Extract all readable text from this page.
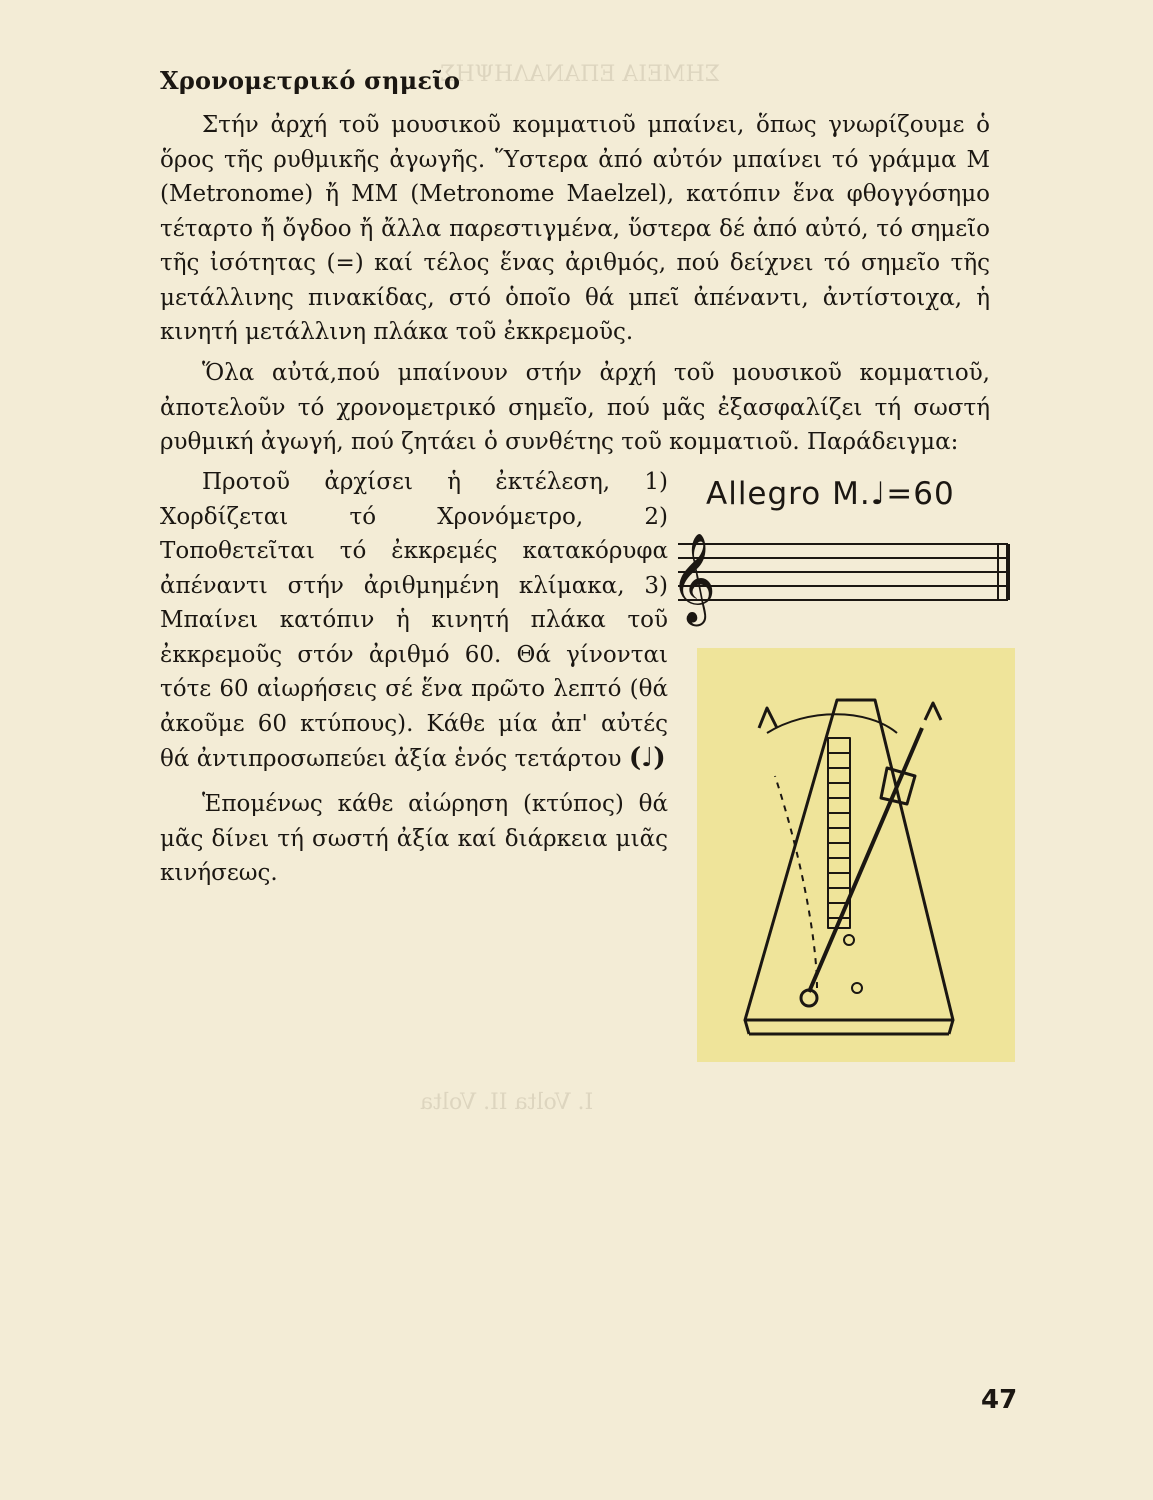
ΣΗΜΕΙΑ ΕΠΑΝΑΛΗΨΗΣ
Ι. Volta ΙΙ. Volta
Χρονομετρικό σημεῖο

Στήν ἀρχή τοῦ μουσικοῦ κομματιοῦ μπαίνει, ὅπως γνωρίζουμε ὁ ὅρος τῆς ρυθμικῆς ἀγωγῆς. Ὕστερα ἀπό αὐτόν μπαίνει τό γράμμα Μ (Metronome) ἤ ΜΜ (Metronome Maelzel), κατόπιν ἕνα φθογγόσημο τέταρτο ἤ ὄγδοο ἤ ἄλλα παρεστιγμένα, ὕστερα δέ ἀπό αὐτό, τό σημεῖο τῆς ἰσότητας (=) καί τέλος ἕνας ἀριθμός, πού δείχνει τό σημεῖο τῆς μετάλλινης πινακίδας, στό ὁποῖο θά μπεῖ ἀπέναντι, ἀντίστοιχα, ἡ κινητή μετάλλινη πλάκα τοῦ ἐκκρεμοῦς.

Ὅλα αὐτά,πού μπαίνουν στήν ἀρχή τοῦ μουσικοῦ κομματιοῦ, ἀποτελοῦν τό χρονομετρικό σημεῖο, πού μᾶς ἐξασφαλίζει τή σωστή ρυθμική ἀγωγή, πού ζητάει ὁ συνθέτης τοῦ κομματιοῦ. Παράδειγμα:

Προτοῦ ἀρχίσει ἡ ἐκτέλεση, 1) Χορδίζεται τό Χρονόμετρο, 2) Τοποθετεῖται τό ἐκκρεμές κατακόρυφα ἀπέναντι στήν ἀριθμημένη κλίμακα, 3) Μπαίνει κατόπιν ἡ κινητή πλάκα τοῦ ἐκκρεμοῦς στόν ἀριθμό 60. Θά γίνονται τότε 60 αἰωρήσεις σέ ἕνα πρῶτο λεπτό (θά ἀκοῦμε 60 κτύπους). Κάθε μία ἀπ' αὐτές θά ἀντιπροσωπεύει ἀξία ἑνός τετάρτου (♩)

Ἑπομένως κάθε αἰώρηση (κτύπος) θά μᾶς δίνει τή σωστή ἀξία καί διάρκεια μιᾶς κινήσεως.

Allegro M.♩=60
𝄞
47
